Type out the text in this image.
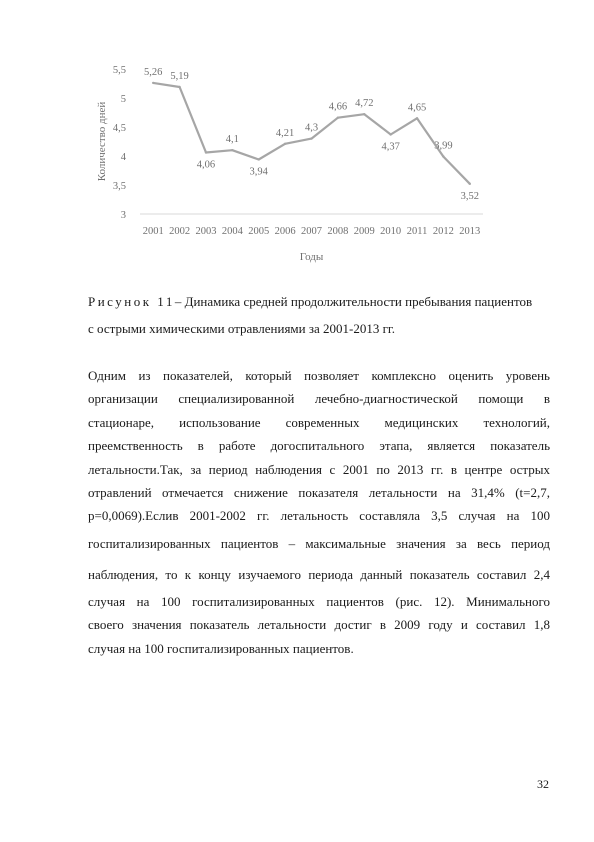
3
3,5
4
4,5
5
5,5
2001 2002 2003 2004 2005 2006 2007 2008 2009 2010 2011 2012 2013
5,26 5,19
4,06
4,1
3,94
4,21 4,3
4,66 4,72
4,37
4,65
3,99
3,52
Годы
Количество дней
Рисунок 11– Динамика средней продолжительности пребывания пациентов
с острыми химическими отравлениями за 2001-2013 гг.
Одним из показателей, который позволяет комплексно оценить уровень
организации специализированной лечебно-диагностической помощи в
стационаре, использование современных медицинских технологий,
преемственность в работе догоспитального этапа, является показатель
летальности.Так, за период наблюдения с 2001 по 2013 гг. в центре острых
отравлений отмечается снижение показателя летальности на 31,4% (t=2,7,
p=0,0069).Еслив 2001-2002 гг. летальность составляла 3,5 случая на 100
госпитализированных пациентов – максимальные значения за весь период
наблюдения, то к концу изучаемого периода данный показатель составил 2,4
случая на 100 госпитализированных пациентов (рис. 12). Минимального
своего значения показатель летальности достиг в 2009 году и составил 1,8
случая на 100 госпитализированных пациентов.
32
